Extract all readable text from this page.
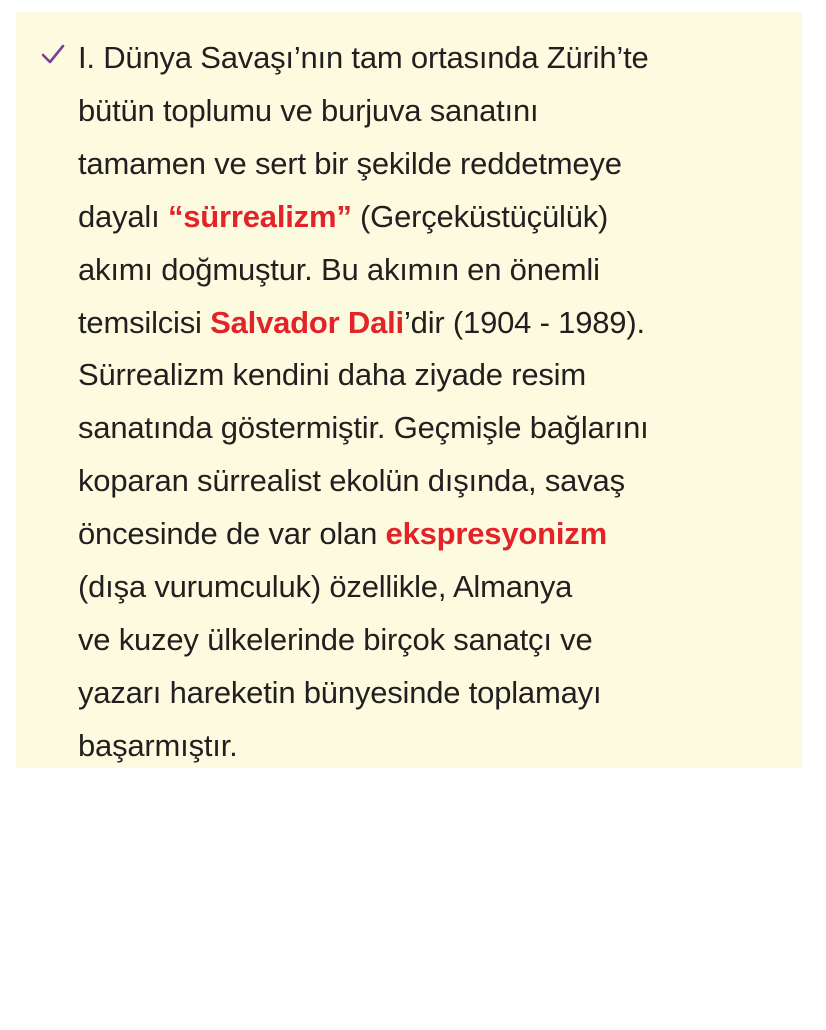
I. Dünya Savaşı’nın tam ortasında Zürih’te
bütün toplumu ve burjuva sanatını
tamamen ve sert bir şekilde reddetmeye
dayalı “sürrealizm” (Gerçeküstüçülük)
akımı doğmuştur. Bu akımın en önemli
temsilcisi Salvador Dali’dir (1904 - 1989).
Sürrealizm kendini daha ziyade resim
sanatında göstermiştir. Geçmişle bağlarını
koparan sürrealist ekolün dışında, savaş
öncesinde de var olan ekspresyonizm
(dışa vurumculuk) özellikle, Almanya
ve kuzey ülkelerinde birçok sanatçı ve
yazarı hareketin bünyesinde toplamayı
başarmıştır.
